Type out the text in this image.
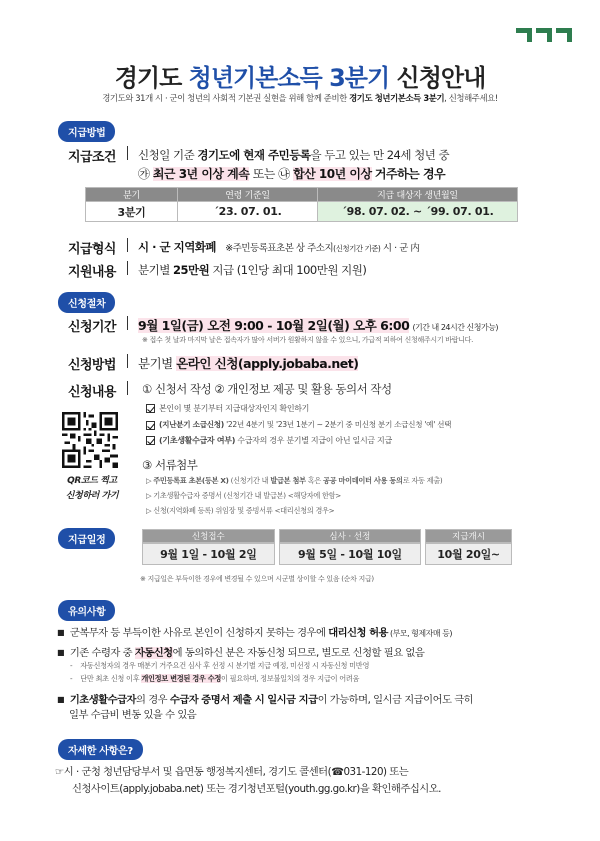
경기도 청년기본소득 3분기 신청안내
경기도와 31개 시 · 군이 청년의 사회적 기본권 실현을 위해 함께 준비한 경기도 청년기본소득 3분기, 신청해주세요!
지급방법
지급조건 신청일 기준 경기도에 현재 주민등록을 두고 있는 만 24세 청년 중
㉮ 최근 3년 이상 계속 또는 ㉯ 합산 10년 이상 거주하는 경우
분기	연령 기준일	지급 대상자 생년월일
3분기	´23. 07. 01.	´98. 07. 02. ~ ´99. 07. 01.
지급형식 시 · 군 지역화폐 ※주민등록표초본 상 주소지(신청기간 기준) 시 · 군 内
지원내용 분기별 25만원 지급 (1인당 최대 100만원 지원)
신청절차
신청기간 9월 1일(금) 오전 9:00 - 10월 2일(월) 오후 6:00 (기간 내 24시간 신청가능)
※ 접수 첫 날과 마지막 날은 접속자가 많아 서버가 원활하지 않을 수 있으니, 가급적 피하여 신청해주시기 바랍니다.
신청방법 분기별 온라인 신청(apply.jobaba.net)
신청내용 ① 신청서 작성 ② 개인정보 제공 및 활용 동의서 작성
본인이 몇 분기부터 지급대상자인지 확인하기
(지난분기 소급신청) '22년 4분기 및 '23년 1분기 ~ 2분기 중 미신청 분기 소급신청 '예' 선택
(기초생활수급자 여부) 수급자의 경우 분기별 지급이 아닌 일시금 지급
③ 서류첨부
▷ 주민등록표 초본(등본 X) (신청기간 내 발급본 첨부 혹은 공공 마이데이터 사용 동의로 자동 제출)
▷ 기초생활수급자 증명서 (신청기간 내 발급본) <해당자에 한함>
▷ 신청(지역화폐 등록) 위임장 및 증빙서류 <대리신청의 경우>
QR코드 찍고
신청하러 가기
지급일정	신청접수	심사 · 선정	지급개시
9월 1일 - 10월 2일	9월 5일 - 10월 10일	10월 20일~
※ 지급일은 부득이한 경우에 변경될 수 있으며 시군별 상이할 수 있음 (순차 지급)
유의사항
■ 군복무자 등 부득이한 사유로 본인이 신청하지 못하는 경우에 대리신청 허용 (부모, 형제자매 등)
■ 기존 수령자 중 자동신청에 동의하신 분은 자동신청 되므로, 별도로 신청할 필요 없음
-    자동신청자의 경우 매분기 거주요건 심사 후 선정 시 분기별 지급 예정, 미선정 시 자동신청 미반영
-    단만 최초 신청 이후 개인정보 변경된 경우 수정이 필요하며, 정보불일치의 경우 지급이 어려움
■ 기초생활수급자의 경우 수급자 증명서 제출 시 일시금 지급이 가능하며, 일시금 지급이어도 극히
일부 수급비 변동 있을 수 있음
자세한 사항은?
☞시 · 군청 청년담당부서 및 읍면동 행정복지센터, 경기도 콜센터(☎031-120) 또는
신청사이트(apply.jobaba.net) 또는 경기청년포털(youth.gg.go.kr)을 확인해주십시오.
